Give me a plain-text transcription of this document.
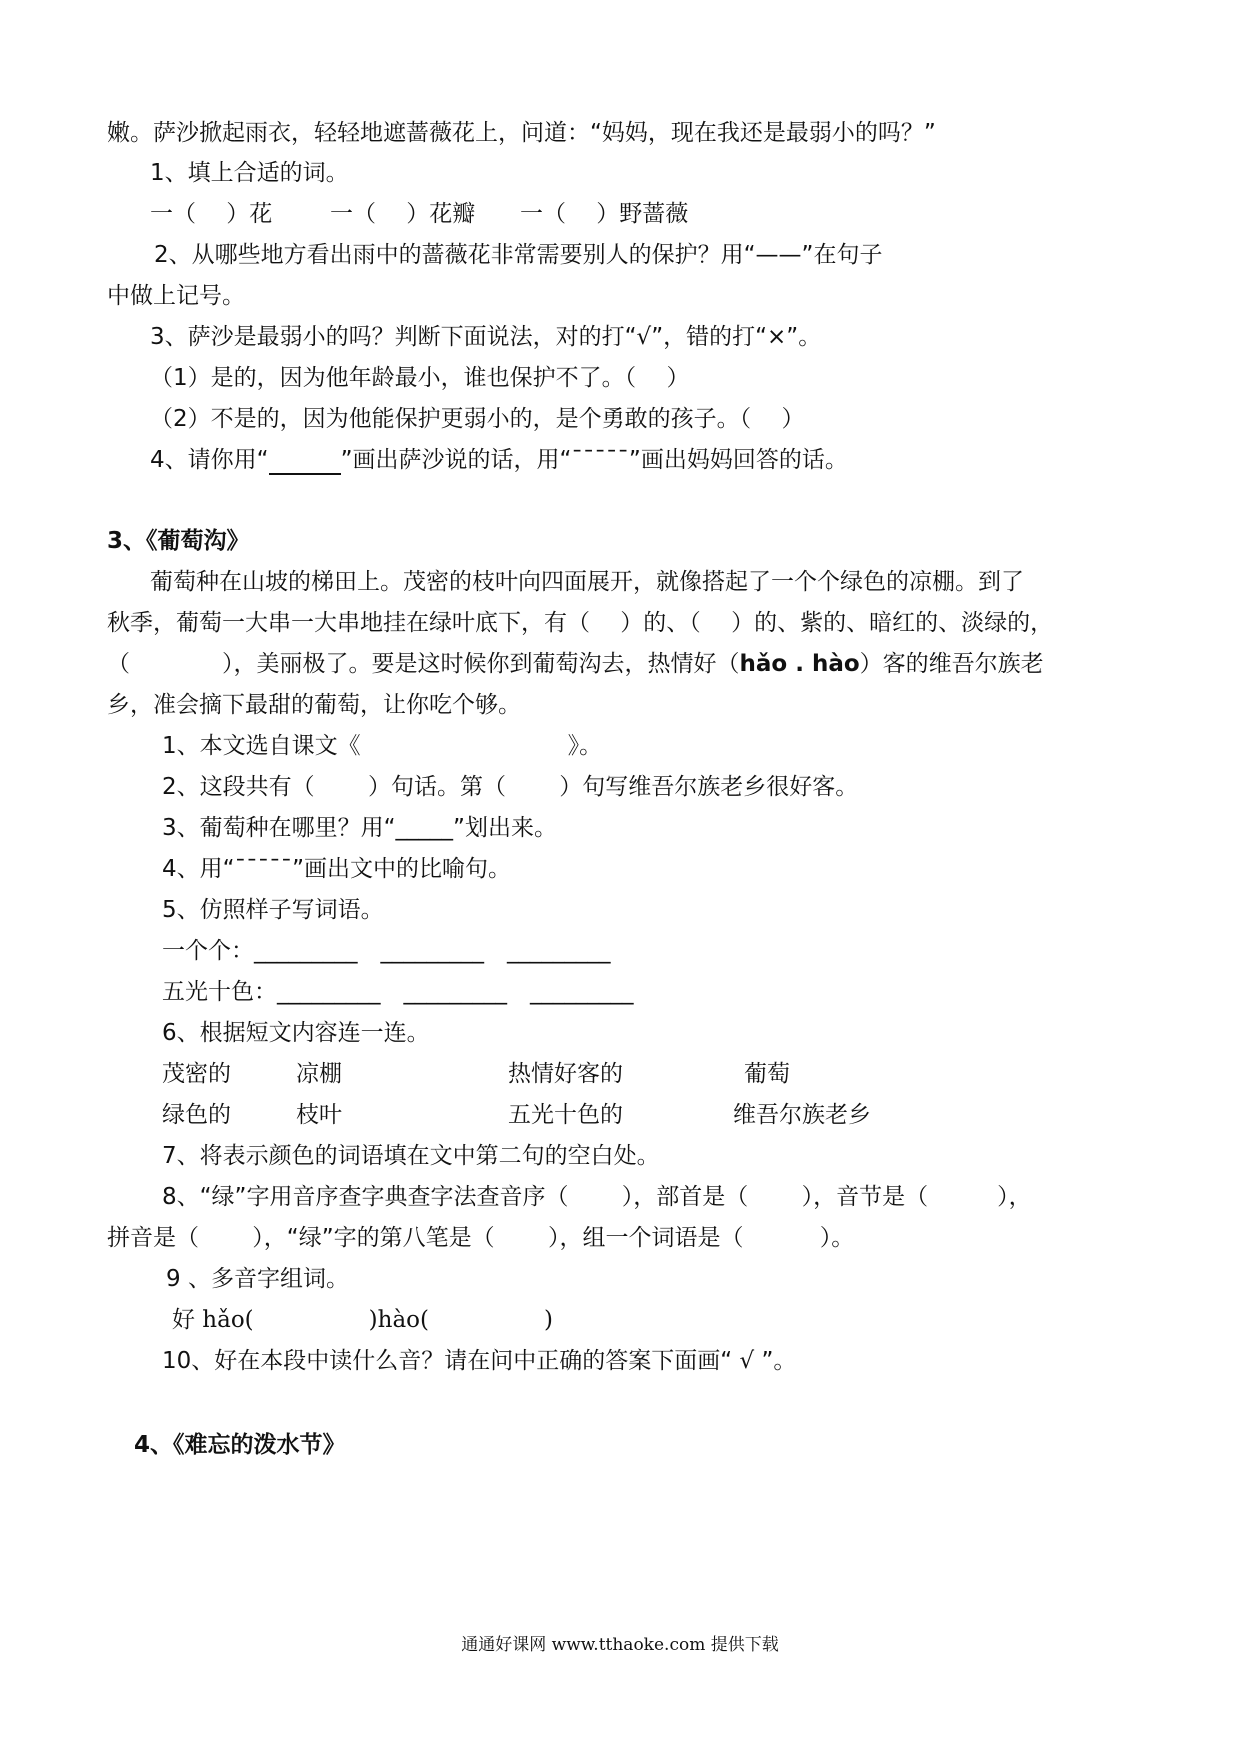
嫩。萨沙掀起雨衣，轻轻地遮蔷薇花上，问道：“妈妈，现在我还是最弱小的吗？”
1、填上合适的词。
一（　 ）花	一（　 ）花瓣 一（　 ）野蔷薇
2、从哪些地方看出雨中的蔷薇花非常需要别人的保护？用“——”在句子
中做上记号。
3、萨沙是最弱小的吗？判断下面说法，对的打“√”，错的打“×”。
（1）是的，因为他年龄最小，谁也保护不了。（　 ）
（2）不是的，因为他能保护更弱小的，是个勇敢的孩子。（　 ）
4、请你用“	”画出萨沙说的话，用“ˉˉˉˉˉ”画出妈妈回答的话。
3、《葡萄沟》
葡萄种在山坡的梯田上。茂密的枝叶向四面展开，就像搭起了一个个绿色的凉棚。到了
秋季，葡萄一大串一大串地挂在绿叶底下，有（　 ）的、（　 ）的、紫的、暗红的、淡绿的，
（　　　　），美丽极了。要是这时候你到葡萄沟去，热情好（hǎo . hào）客的维吾尔族老
乡，准会摘下最甜的葡萄，让你吃个够。
1、本文选自课文《　　　　　　　　　》。
2、这段共有（　　 ）句话。第（　　 ）句写维吾尔族老乡很好客。
3、葡萄种在哪里？用“_____”划出来。
4、用“ˉˉˉˉˉ”画出文中的比喻句。
5、仿照样子写词语。
一个个：_________　_________　_________
五光十色：_________　_________　_________
6、根据短文内容连一连。
茂密的	凉棚	热情好客的	葡萄
绿色的	枝叶	五光十色的	维吾尔族老乡
7、将表示颜色的词语填在文中第二句的空白处。
8、“绿”字用音序查字典查字法查音序（　　 ），部首是（　　 ），音节是（　　　），
拼音是（　　 ），“绿”字的第八笔是（　　 ），组一个词语是（　　　 ）。
9 、多音字组词。
好 hǎo(　　　　　)hào(　　　　　)
10、好在本段中读什么音？请在问中正确的答案下面画“ √ ”。
4、《难忘的泼水节》
通通好课网 www.tthaoke.com 提供下载
